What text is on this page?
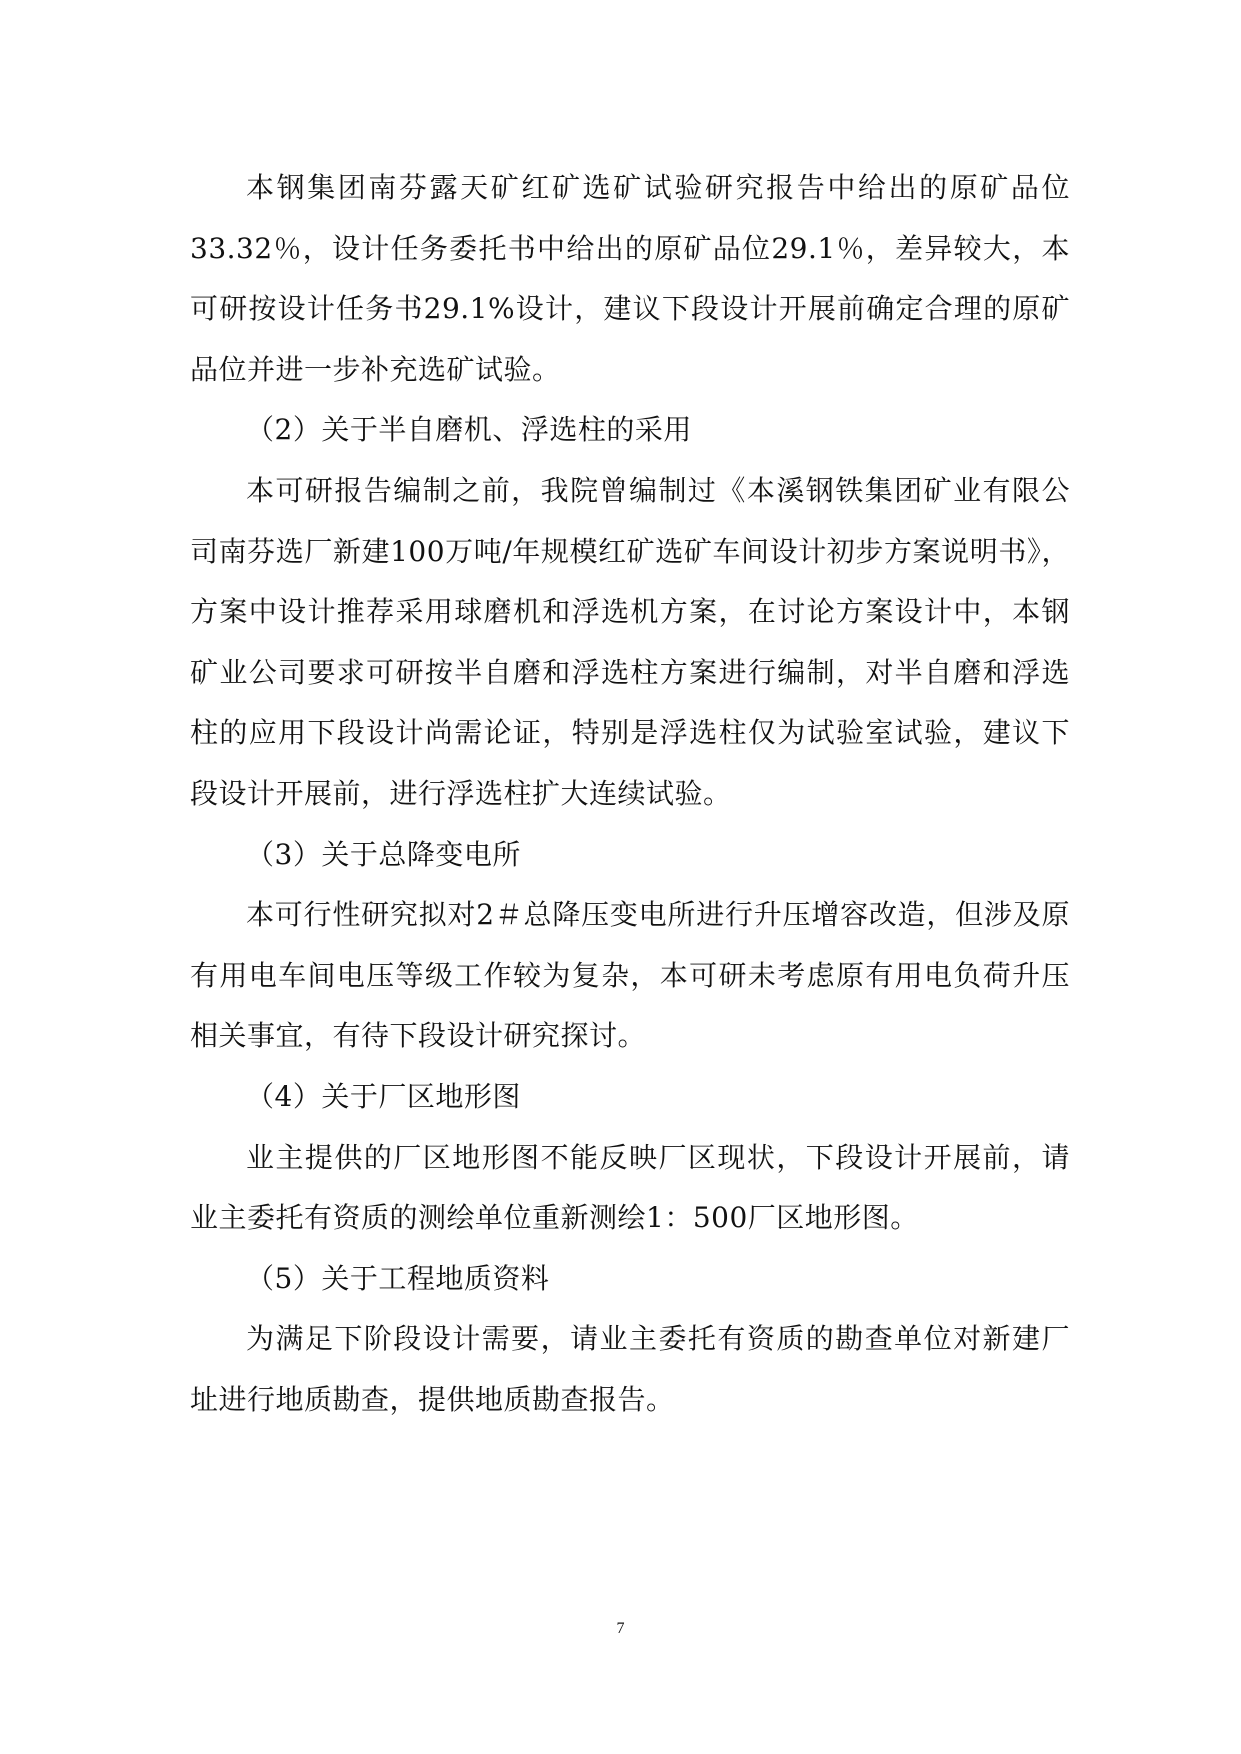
本钢集团南芬露天矿红矿选矿试验研究报告中给出的原矿品位33.32％，设计任务委托书中给出的原矿品位29.1％，差异较大，本可研按设计任务书29.1%设计，建议下段设计开展前确定合理的原矿品位并进一步补充选矿试验。

（2）关于半自磨机、浮选柱的采用

本可研报告编制之前，我院曾编制过《本溪钢铁集团矿业有限公司南芬选厂新建100万吨/年规模红矿选矿车间设计初步方案说明书》，方案中设计推荐采用球磨机和浮选机方案，在讨论方案设计中，本钢矿业公司要求可研按半自磨和浮选柱方案进行编制，对半自磨和浮选柱的应用下段设计尚需论证，特别是浮选柱仅为试验室试验，建议下段设计开展前，进行浮选柱扩大连续试验。

（3）关于总降变电所

本可行性研究拟对2＃总降压变电所进行升压增容改造，但涉及原有用电车间电压等级工作较为复杂，本可研未考虑原有用电负荷升压相关事宜，有待下段设计研究探讨。

（4）关于厂区地形图

业主提供的厂区地形图不能反映厂区现状，下段设计开展前，请业主委托有资质的测绘单位重新测绘1：500厂区地形图。

（5）关于工程地质资料

为满足下阶段设计需要，请业主委托有资质的勘查单位对新建厂址进行地质勘查，提供地质勘查报告。

7
